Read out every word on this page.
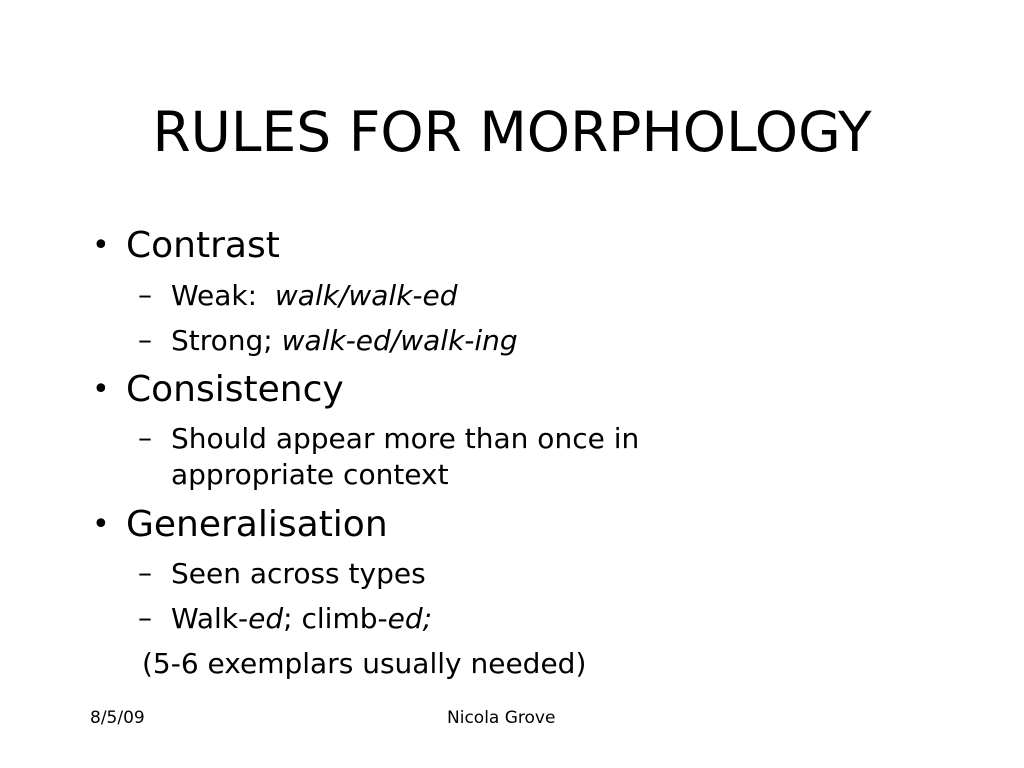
RULES FOR MORPHOLOGY
• Contrast
– Weak:  walk/walk-ed
– Strong; walk-ed/walk-ing
• Consistency
– Should appear more than once in
appropriate context
• Generalisation
– Seen across types
– Walk-ed; climb-ed;
(5-6 exemplars usually needed)
8/5/09	Nicola Grove
